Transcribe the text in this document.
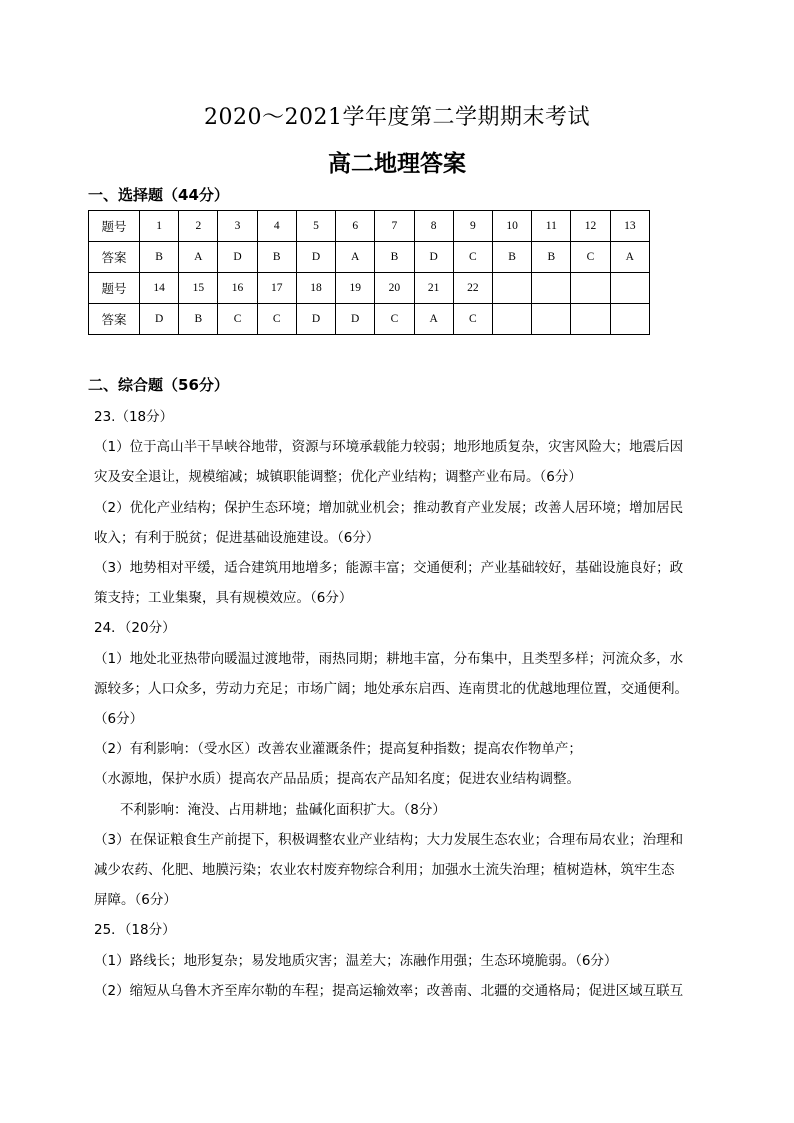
2020～2021学年度第二学期期末考试
高二地理答案
一、选择题（44分）
题号	1	2	3	4	5	6	7	8	9	10	11	12	13
答案	B	A	D	B	D	A	B	D	C	B	B	C	A
题号	14	15	16	17	18	19	20	21	22				
答案	D	B	C	C	D	D	C	A	C				
二、综合题（56分）

23.（18分）

（1）位于高山半干旱峡谷地带，资源与环境承载能力较弱；地形地质复杂，灾害风险大；地震后因

灾及安全退让，规模缩减；城镇职能调整；优化产业结构；调整产业布局。（6分）

（2）优化产业结构；保护生态环境；增加就业机会；推动教育产业发展；改善人居环境；增加居民

收入；有利于脱贫；促进基础设施建设。（6分）

（3）地势相对平缓，适合建筑用地增多；能源丰富；交通便利；产业基础较好，基础设施良好；政

策支持；工业集聚，具有规模效应。（6分）

24．（20分）

（1）地处北亚热带向暖温过渡地带，雨热同期；耕地丰富，分布集中，且类型多样；河流众多，水

源较多；人口众多，劳动力充足；市场广阔；地处承东启西、连南贯北的优越地理位置，交通便利。

（6分）

（2）有利影响：（受水区）改善农业灌溉条件；提高复种指数；提高农作物单产；

（水源地，保护水质）提高农产品品质；提高农产品知名度；促进农业结构调整。

不利影响：淹没、占用耕地；盐碱化面积扩大。（8分）

（3）在保证粮食生产前提下，积极调整农业产业结构；大力发展生态农业；合理布局农业；治理和

减少农药、化肥、地膜污染；农业农村废弃物综合利用；加强水土流失治理；植树造林，筑牢生态

屏障。（6分）

25．（18分）

（1）路线长；地形复杂；易发地质灾害；温差大；冻融作用强；生态环境脆弱。（6分）

（2）缩短从乌鲁木齐至库尔勒的车程；提高运输效率；改善南、北疆的交通格局；促进区域互联互
